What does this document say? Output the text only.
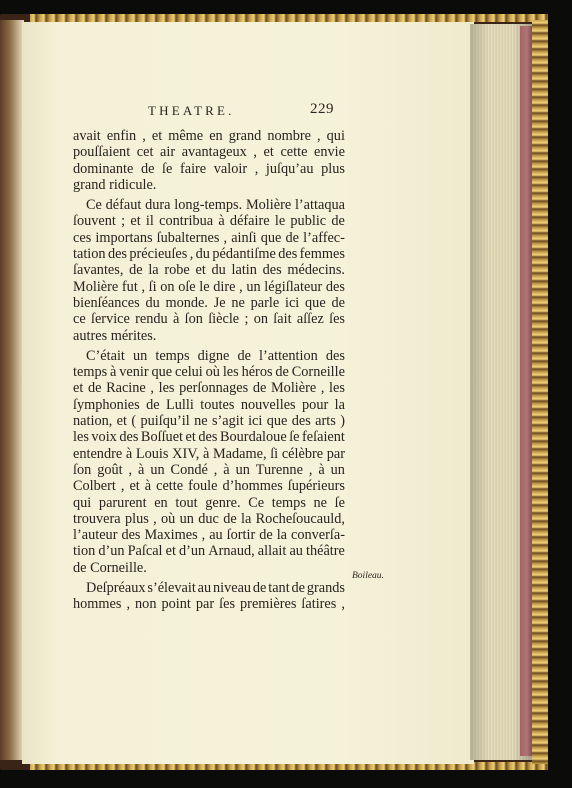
THEATRE.	229
avait enfin , et même en grand nombre , qui
pouſſaient cet air avantageux , et cette envie
dominante de ſe faire valoir , juſqu’au plus
grand ridicule.
Ce défaut dura long-temps. Molière l’attaqua
ſouvent ; et il contribua à défaire le public de
ces importans ſubalternes , ainſi que de l’affec-
tation des précieuſes , du pédantiſme des femmes
ſavantes, de la robe et du latin des médecins.
Molière fut , ſi on oſe le dire , un légiſlateur des
bienſéances du monde. Je ne parle ici que de
ce ſervice rendu à ſon ſiècle ; on ſait aſſez ſes
autres mérites.
C’était un temps digne de l’attention des
temps à venir que celui où les héros de Corneille
et de Racine , les perſonnages de Molière , les
ſymphonies de Lulli toutes nouvelles pour la
nation, et ( puiſqu’il ne s’agit ici que des arts )
les voix des Boſſuet et des Bourdaloue ſe feſaient
entendre à Louis XIV, à Madame, ſi célèbre par
ſon goût , à un Condé , à un Turenne , à un
Colbert , et à cette foule d’hommes ſupérieurs
qui parurent en tout genre. Ce temps ne ſe
trouvera plus , où un duc de la Rocheſoucauld,
l’auteur des Maximes , au ſortir de la converſa-
tion d’un Paſcal et d’un Arnaud, allait au théâtre
de Corneille.
Deſpréaux s’élevait au niveau de tant de grands
hommes , non point par ſes premières ſatires ,
Boileau.
